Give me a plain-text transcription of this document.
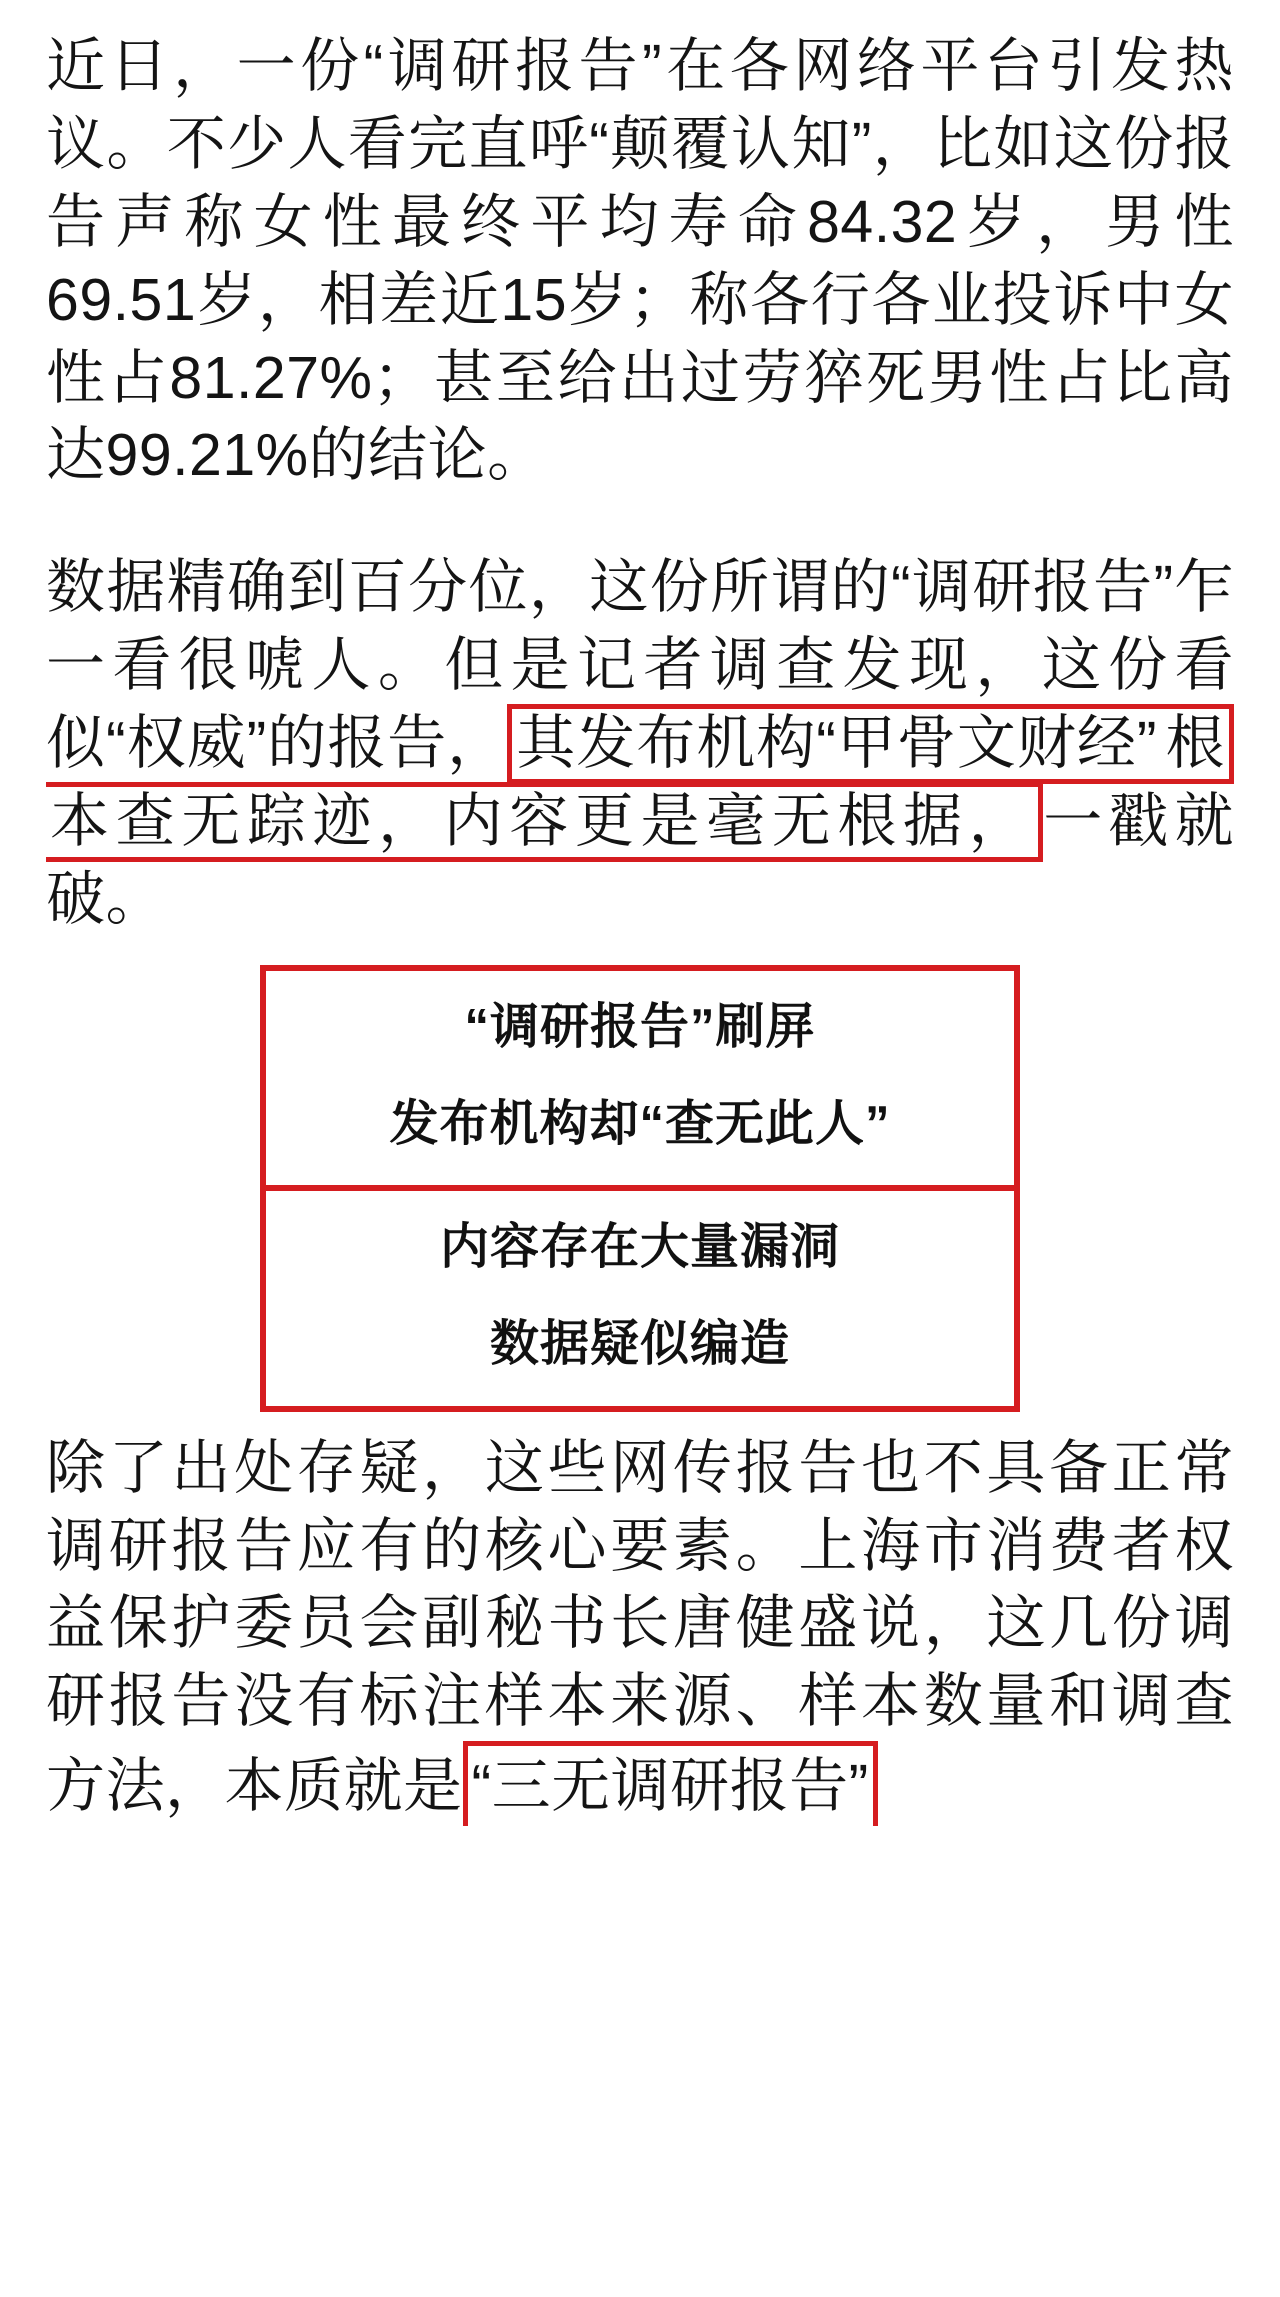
近日，一份“调研报告”在各网络平台引发热议。不少人看完直呼“颠覆认知”，比如这份报告声称女性最终平均寿命84.32岁，男性69.51岁，相差近15岁；称各行各业投诉中女性占81.27%；甚至给出过劳猝死男性占比高达99.21%的结论。

数据精确到百分位，这份所谓的“调研报告”乍一看很唬人。但是记者调查发现，这份看似“权威”的报告， 其发布机构“甲骨文财经” 根本查无踪迹，内容更是毫无根据， 一戳就破。

“调研报告”刷屏
发布机构却“查无此人”
内容存在大量漏洞
数据疑似编造

除了出处存疑，这些网传报告也不具备正常调研报告应有的核心要素。上海市消费者权益保护委员会副秘书长唐健盛说，这几份调研报告没有标注样本来源、样本数量和调查方法，本质就是 “三无调研报告”
